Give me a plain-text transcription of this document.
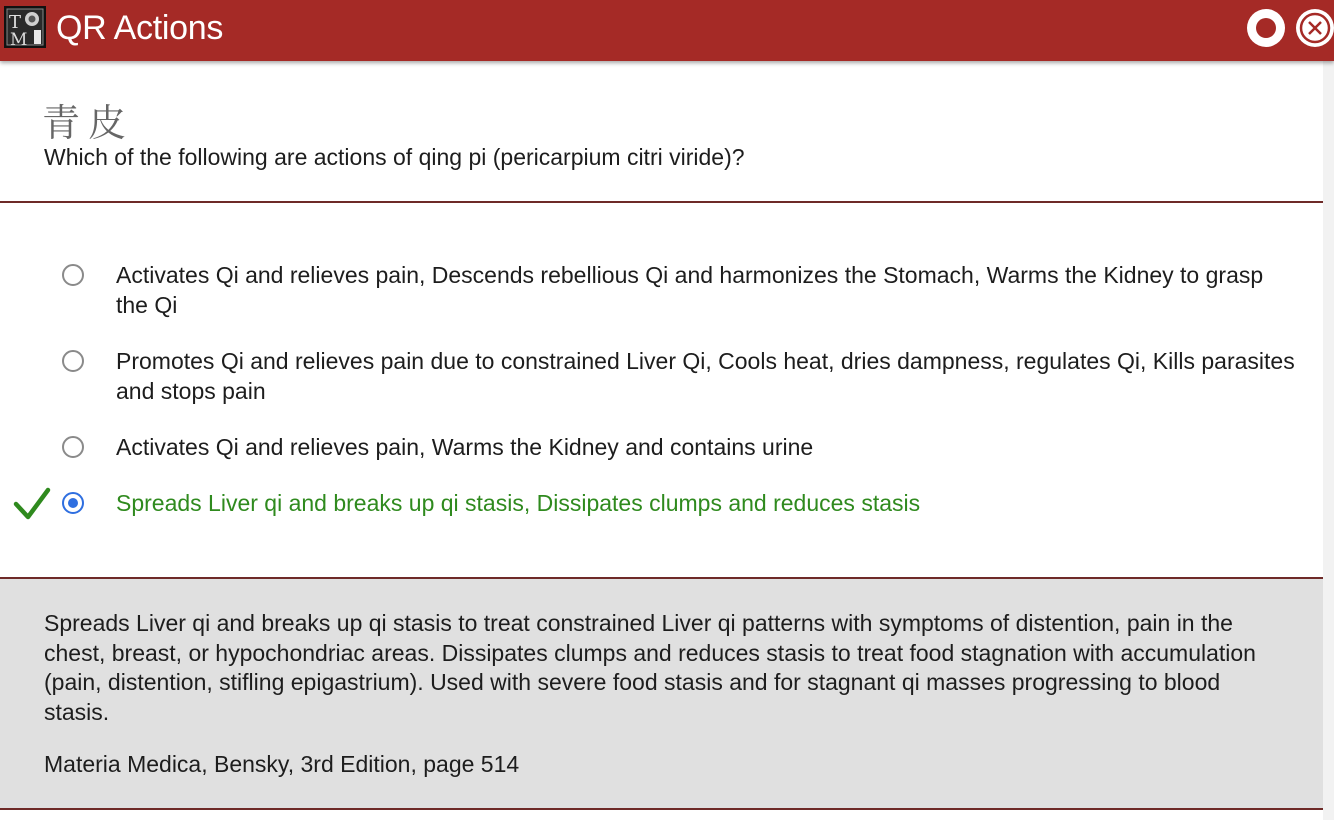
T
M QR Actions
青皮
Which of the following are actions of qing pi (pericarpium citri viride)?
Activates Qi and relieves pain, Descends rebellious Qi and harmonizes the Stomach, Warms the Kidney to grasp
the Qi
Promotes Qi and relieves pain due to constrained Liver Qi, Cools heat, dries dampness, regulates Qi, Kills parasites
and stops pain
Activates Qi and relieves pain, Warms the Kidney and contains urine
Spreads Liver qi and breaks up qi stasis, Dissipates clumps and reduces stasis
Spreads Liver qi and breaks up qi stasis to treat constrained Liver qi patterns with symptoms of distention, pain in the
chest, breast, or hypochondriac areas. Dissipates clumps and reduces stasis to treat food stagnation with accumulation
(pain, distention, stifling epigastrium). Used with severe food stasis and for stagnant qi masses progressing to blood
stasis.
Materia Medica, Bensky, 3rd Edition, page 514
